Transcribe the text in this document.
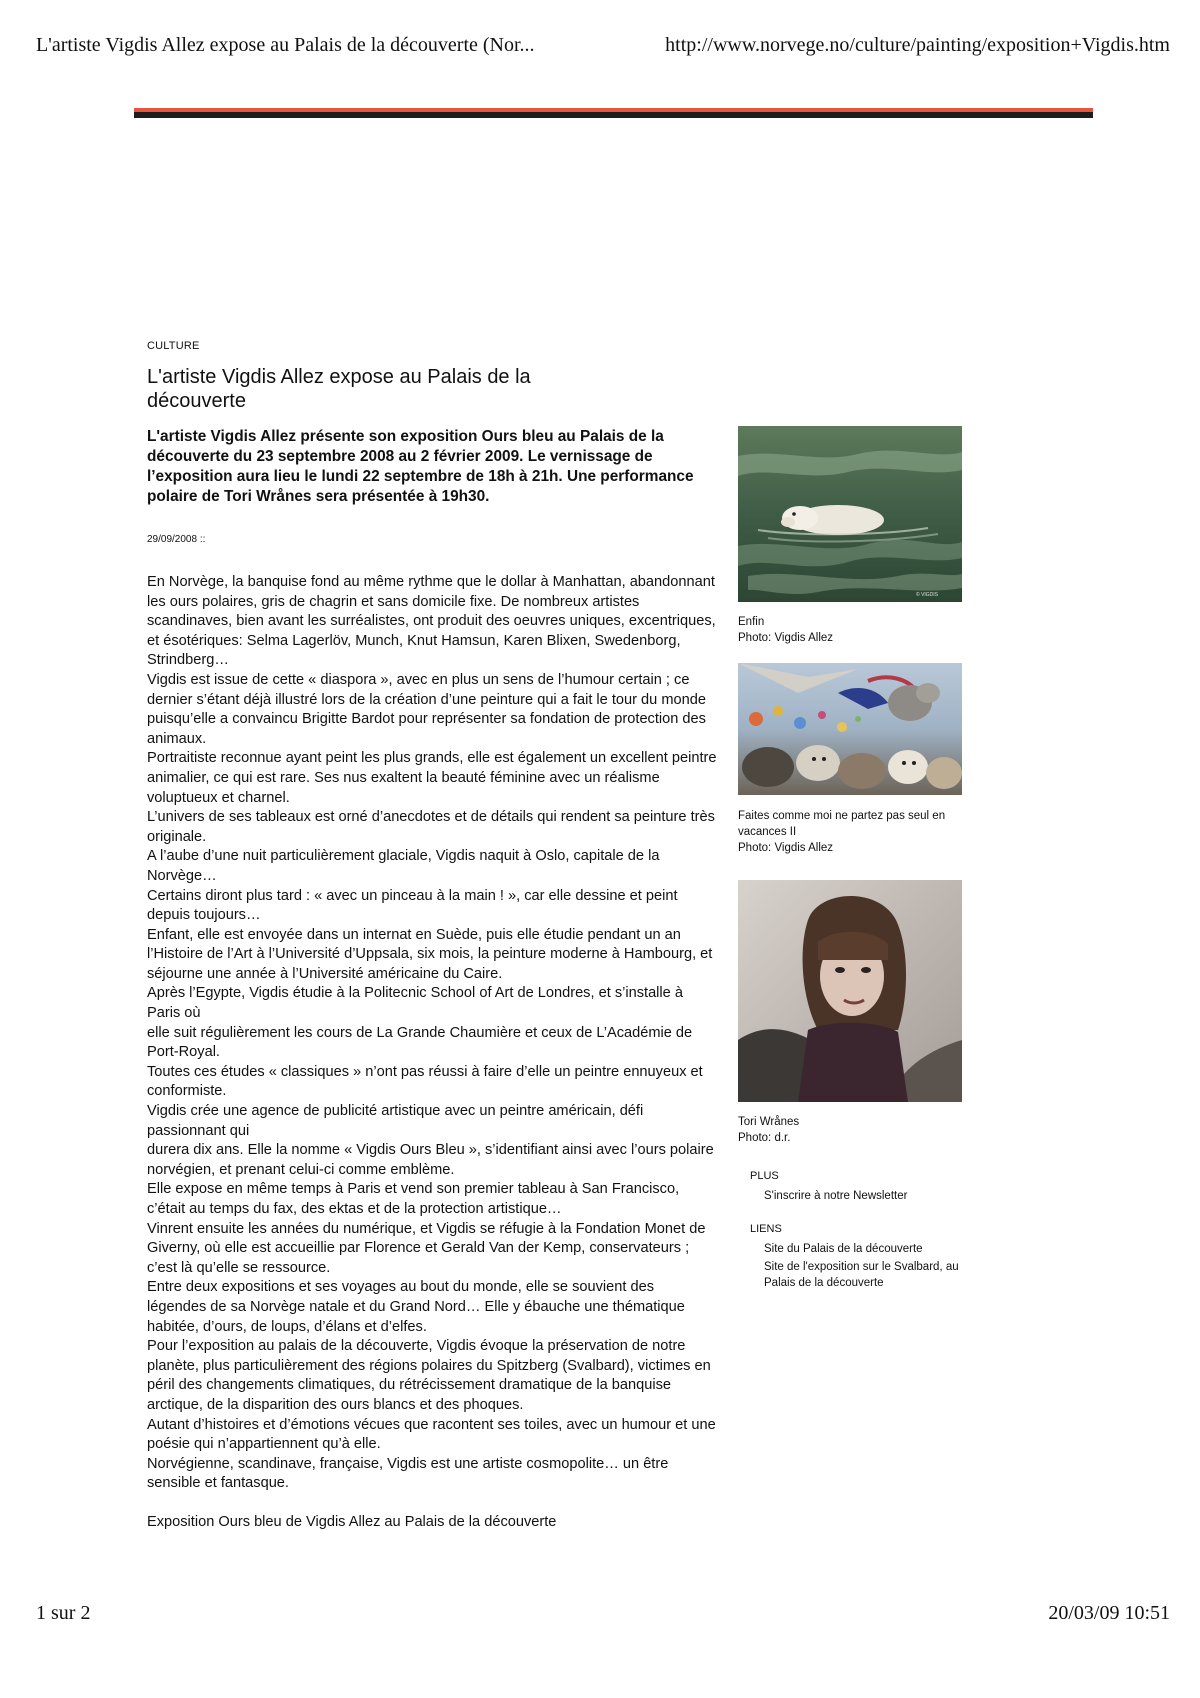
L'artiste Vigdis Allez expose au Palais de la découverte (Nor...	http://www.norvege.no/culture/painting/exposition+Vigdis.htm

CULTURE

L'artiste Vigdis Allez expose au Palais de la découverte

L'artiste Vigdis Allez présente son exposition Ours bleu au Palais de la découverte du 23 septembre 2008 au 2 février 2009. Le vernissage de l’exposition aura lieu le lundi 22 septembre de 18h à 21h. Une performance polaire de Tori Wrånes sera présentée à 19h30.

29/09/2008 ::

En Norvège, la banquise fond au même rythme que le dollar à Manhattan, abandonnant les ours polaires, gris de chagrin et sans domicile fixe. De nombreux artistes scandinaves, bien avant les surréalistes, ont produit des oeuvres uniques, excentriques, et ésotériques: Selma Lagerlöv, Munch, Knut Hamsun, Karen Blixen, Swedenborg, Strindberg…

Vigdis est issue de cette « diaspora », avec en plus un sens de l’humour certain ; ce dernier s’étant déjà illustré lors de la création d’une peinture qui a fait le tour du monde puisqu’elle a convaincu Brigitte Bardot pour représenter sa fondation de protection des animaux.

Portraitiste reconnue ayant peint les plus grands, elle est également un excellent peintre animalier, ce qui est rare. Ses nus exaltent la beauté féminine avec un réalisme voluptueux et charnel.

L’univers de ses tableaux est orné d’anecdotes et de détails qui rendent sa peinture très originale.

A l’aube d’une nuit particulièrement glaciale, Vigdis naquit à Oslo, capitale de la Norvège…

Certains diront plus tard : « avec un pinceau à la main ! », car elle dessine et peint depuis toujours…

Enfant, elle est envoyée dans un internat en Suède, puis elle étudie pendant un an l’Histoire de l’Art à l’Université d’Uppsala, six mois, la peinture moderne à Hambourg, et séjourne une année à l’Université américaine du Caire.

Après l’Egypte, Vigdis étudie à la Politecnic School of Art de Londres, et s’installe à Paris où

elle suit régulièrement les cours de La Grande Chaumière et ceux de L’Académie de Port-Royal.

Toutes ces études « classiques » n’ont pas réussi à faire d’elle un peintre ennuyeux et conformiste.

Vigdis crée une agence de publicité artistique avec un peintre américain, défi passionnant qui

durera dix ans. Elle la nomme « Vigdis Ours Bleu », s’identifiant ainsi avec l’ours polaire norvégien, et prenant celui-ci comme emblème.

Elle expose en même temps à Paris et vend son premier tableau à San Francisco, c’était au temps du fax, des ektas et de la protection artistique…

Vinrent ensuite les années du numérique, et Vigdis se réfugie à la Fondation Monet de Giverny, où elle est accueillie par Florence et Gerald Van der Kemp, conservateurs ; c’est là qu’elle se ressource.

Entre deux expositions et ses voyages au bout du monde, elle se souvient des légendes de sa Norvège natale et du Grand Nord… Elle y ébauche une thématique habitée, d’ours, de loups, d’élans et d’elfes.

Pour l’exposition au palais de la découverte, Vigdis évoque la préservation de notre planète, plus particulièrement des régions polaires du Spitzberg (Svalbard), victimes en péril des changements climatiques, du rétrécissement dramatique de la banquise arctique, de la disparition des ours blancs et des phoques.

Autant d’histoires et d’émotions vécues que racontent ses toiles, avec un humour et une poésie qui n’appartiennent qu’à elle.

Norvégienne, scandinave, française, Vigdis est une artiste cosmopolite… un être sensible et fantasque.

Exposition Ours bleu de Vigdis Allez au Palais de la découverte

© VIGDIS

Enfin
Photo: Vigdis Allez

Faites comme moi ne partez pas seul en vacances II
Photo: Vigdis Allez

Tori Wrånes
Photo: d.r.

PLUS

S'inscrire à notre Newsletter

LIENS

Site du Palais de la découverte
Site de l'exposition sur le Svalbard, au Palais de la découverte
1 sur 2	20/03/09 10:51
